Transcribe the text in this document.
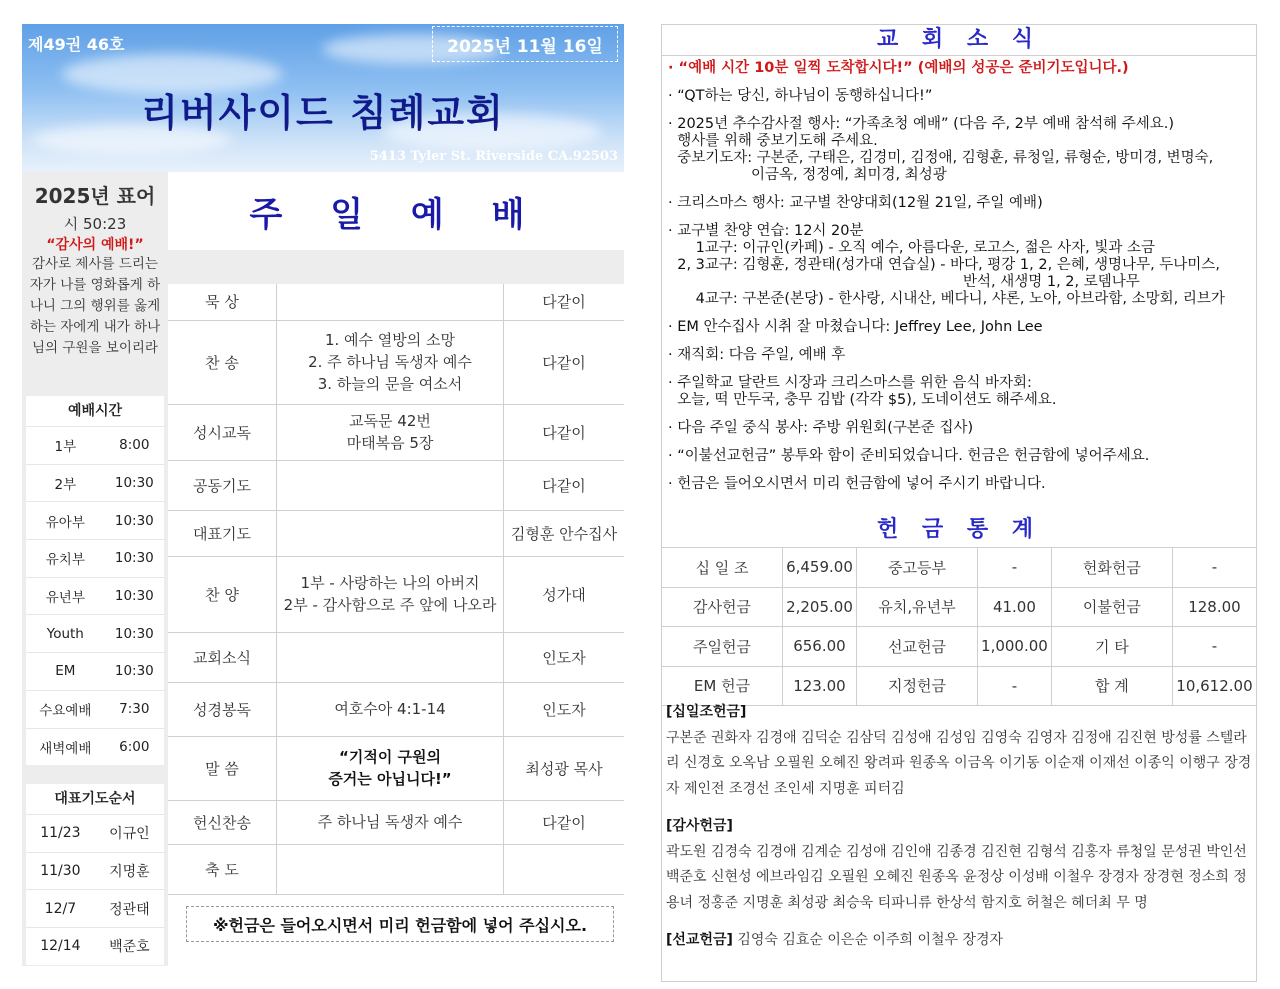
제49권 46호	2025년 11월 16일
리버사이드 침례교회
5413 Tyler St. Riverside CA.92503
2025년 표어
시 50:23
“감사의 예배!”
감사로 제사를 드리는 자가 나를 영화롭게 하나니 그의 행위를 옳게 하는 자에게 내가 하나님의 구원을 보이리라
예배시간
1부	8:00
2부	10:30
유아부	10:30
유치부	10:30
유년부	10:30
Youth	10:30
EM	10:30
수요예배	7:30
새벽예배	6:00
대표기도순서
11/23	이규인
11/30	지명훈
12/7	정관태
12/14	백준호
주 일 예 배
묵 상		다같이
찬 송	1. 예수 열방의 소망
2. 주 하나님 독생자 예수
3. 하늘의 문을 여소서	다같이
성시교독	교독문 42번
마태복음 5장	다같이
공동기도		다같이
대표기도		김형훈 안수집사
찬 양	1부 - 사랑하는 나의 아버지
2부 - 감사함으로 주 앞에 나오라	성가대
교회소식		인도자
성경봉독	여호수아 4:1-14	인도자
말 씀	“기적이 구원의
증거는 아닙니다!”	최성광 목사
헌신찬송	주 하나님 독생자 예수	다같이
축 도		
※헌금은 들어오시면서 미리 헌금함에 넣어 주십시오.
교 회 소 식
· “예배 시간 10분 일찍 도착합시다!” (예배의 성공은 준비기도입니다.)
· “QT하는 당신, 하나님이 동행하십니다!”
· 2025년 추수감사절 행사: “가족초청 예배” (다음 주, 2부 예배 참석해 주세요.)
행사를 위해 중보기도해 주세요.
중보기도자: 구본준, 구태은, 김경미, 김정애, 김형훈, 류청일, 류형순, 방미경, 변명숙,
이금옥, 정정예, 최미경, 최성광
· 크리스마스 행사: 교구별 찬양대회(12월 21일, 주일 예배)
· 교구별 찬양 연습: 12시 20분
1교구: 이규인(카페) - 오직 예수, 아름다운, 로고스, 젊은 사자, 빛과 소금
2, 3교구: 김형훈, 정관태(성가대 연습실) - 바다, 평강 1, 2, 은혜, 생명나무, 두나미스,
반석, 새생명 1, 2, 로뎀나무
4교구: 구본준(본당) - 한사랑, 시내산, 베다니, 샤론, 노아, 아브라함, 소망회, 리브가
· EM 안수집사 시취 잘 마쳤습니다: Jeffrey Lee, John Lee
· 재직회: 다음 주일, 예배 후
· 주일학교 달란트 시장과 크리스마스를 위한 음식 바자회:
오늘, 떡 만두국, 충무 김밥 (각각 $5), 도네이션도 해주세요.
· 다음 주일 중식 봉사: 주방 위원회(구본준 집사)
· “이불선교헌금” 봉투와 함이 준비되었습니다. 헌금은 헌금함에 넣어주세요.
· 헌금은 들어오시면서 미리 헌금함에 넣어 주시기 바랍니다.
헌 금 통 계
십 일 조	6,459.00	중고등부	-	헌화헌금	-
감사헌금	2,205.00	유치,유년부	41.00	이불헌금	128.00
주일헌금	656.00	선교헌금	1,000.00	기 타	-
EM 헌금	123.00	지정헌금	-	합 계	10,612.00
[십일조헌금]
구본준 권화자 김경애 김덕순 김삼덕 김성애 김성임 김영숙 김영자 김정애 김진현 방성률 스텔라리 신경호 오옥남 오필원 오혜진 왕려파 원종옥 이금옥 이기동 이순재 이재선 이종익 이행구 장경자 제인전 조경선 조인세 지명훈 피터김
[감사헌금]
곽도원 김경숙 김경애 김계순 김성애 김인애 김종경 김진현 김형석 김홍자 류청일 문성권 박인선 백준호 신현성 에브라임김 오필원 오혜진 원종옥 윤정상 이성배 이철우 장경자 장경현 정소희 정용녀 정홍준 지명훈 최성광 최승욱 티파니류 한상석 함지호 허철은 헤더최 무 명
[선교헌금] 김영숙 김효순 이은순 이주희 이철우 장경자
